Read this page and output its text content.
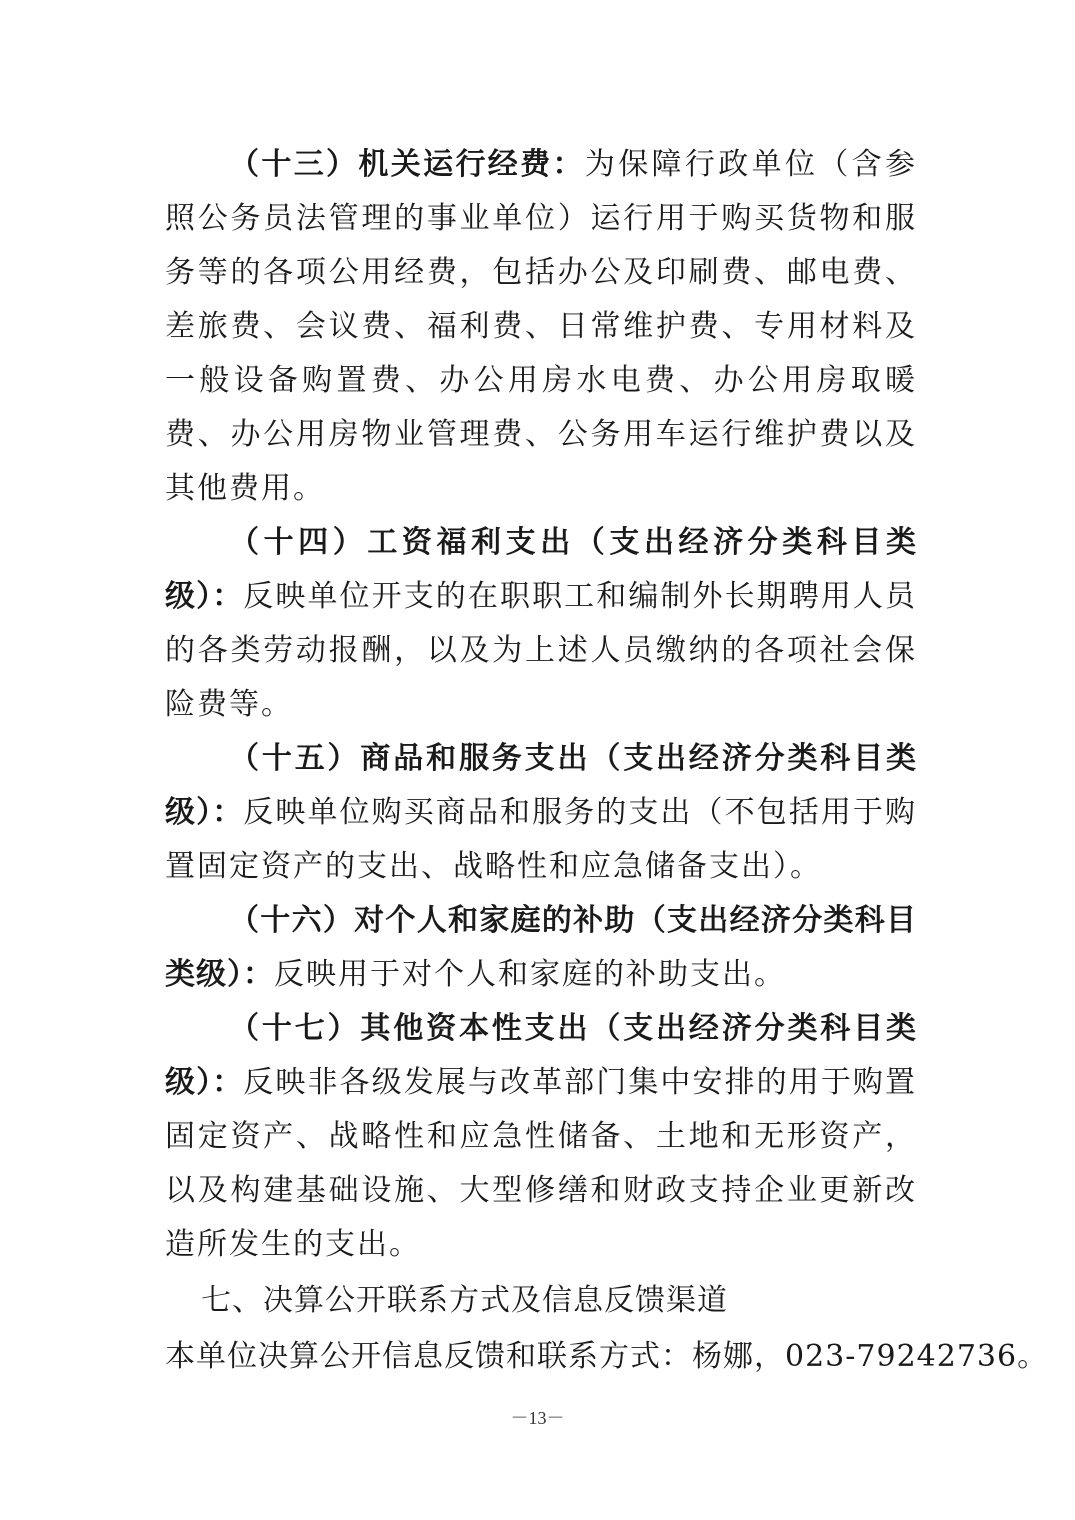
（十三）机关运行经费：为保障行政单位（含参照公务员法管理的事业单位）运行用于购买货物和服务等的各项公用经费，包括办公及印刷费、邮电费、差旅费、会议费、福利费、日常维护费、专用材料及一般设备购置费、办公用房水电费、办公用房取暖费、办公用房物业管理费、公务用车运行维护费以及其他费用。

（十四）工资福利支出（支出经济分类科目类级）：反映单位开支的在职职工和编制外长期聘用人员的各类劳动报酬，以及为上述人员缴纳的各项社会保险费等。

（十五）商品和服务支出（支出经济分类科目类级）：反映单位购买商品和服务的支出（不包括用于购置固定资产的支出、战略性和应急储备支出）。

（十六）对个人和家庭的补助（支出经济分类科目类级）：反映用于对个人和家庭的补助支出。

（十七）其他资本性支出（支出经济分类科目类级）：反映非各级发展与改革部门集中安排的用于购置固定资产、战略性和应急性储备、土地和无形资产，以及构建基础设施、大型修缮和财政支持企业更新改造所发生的支出。

七、决算公开联系方式及信息反馈渠道

本单位决算公开信息反馈和联系方式：杨娜，023-79242736。

－13－
